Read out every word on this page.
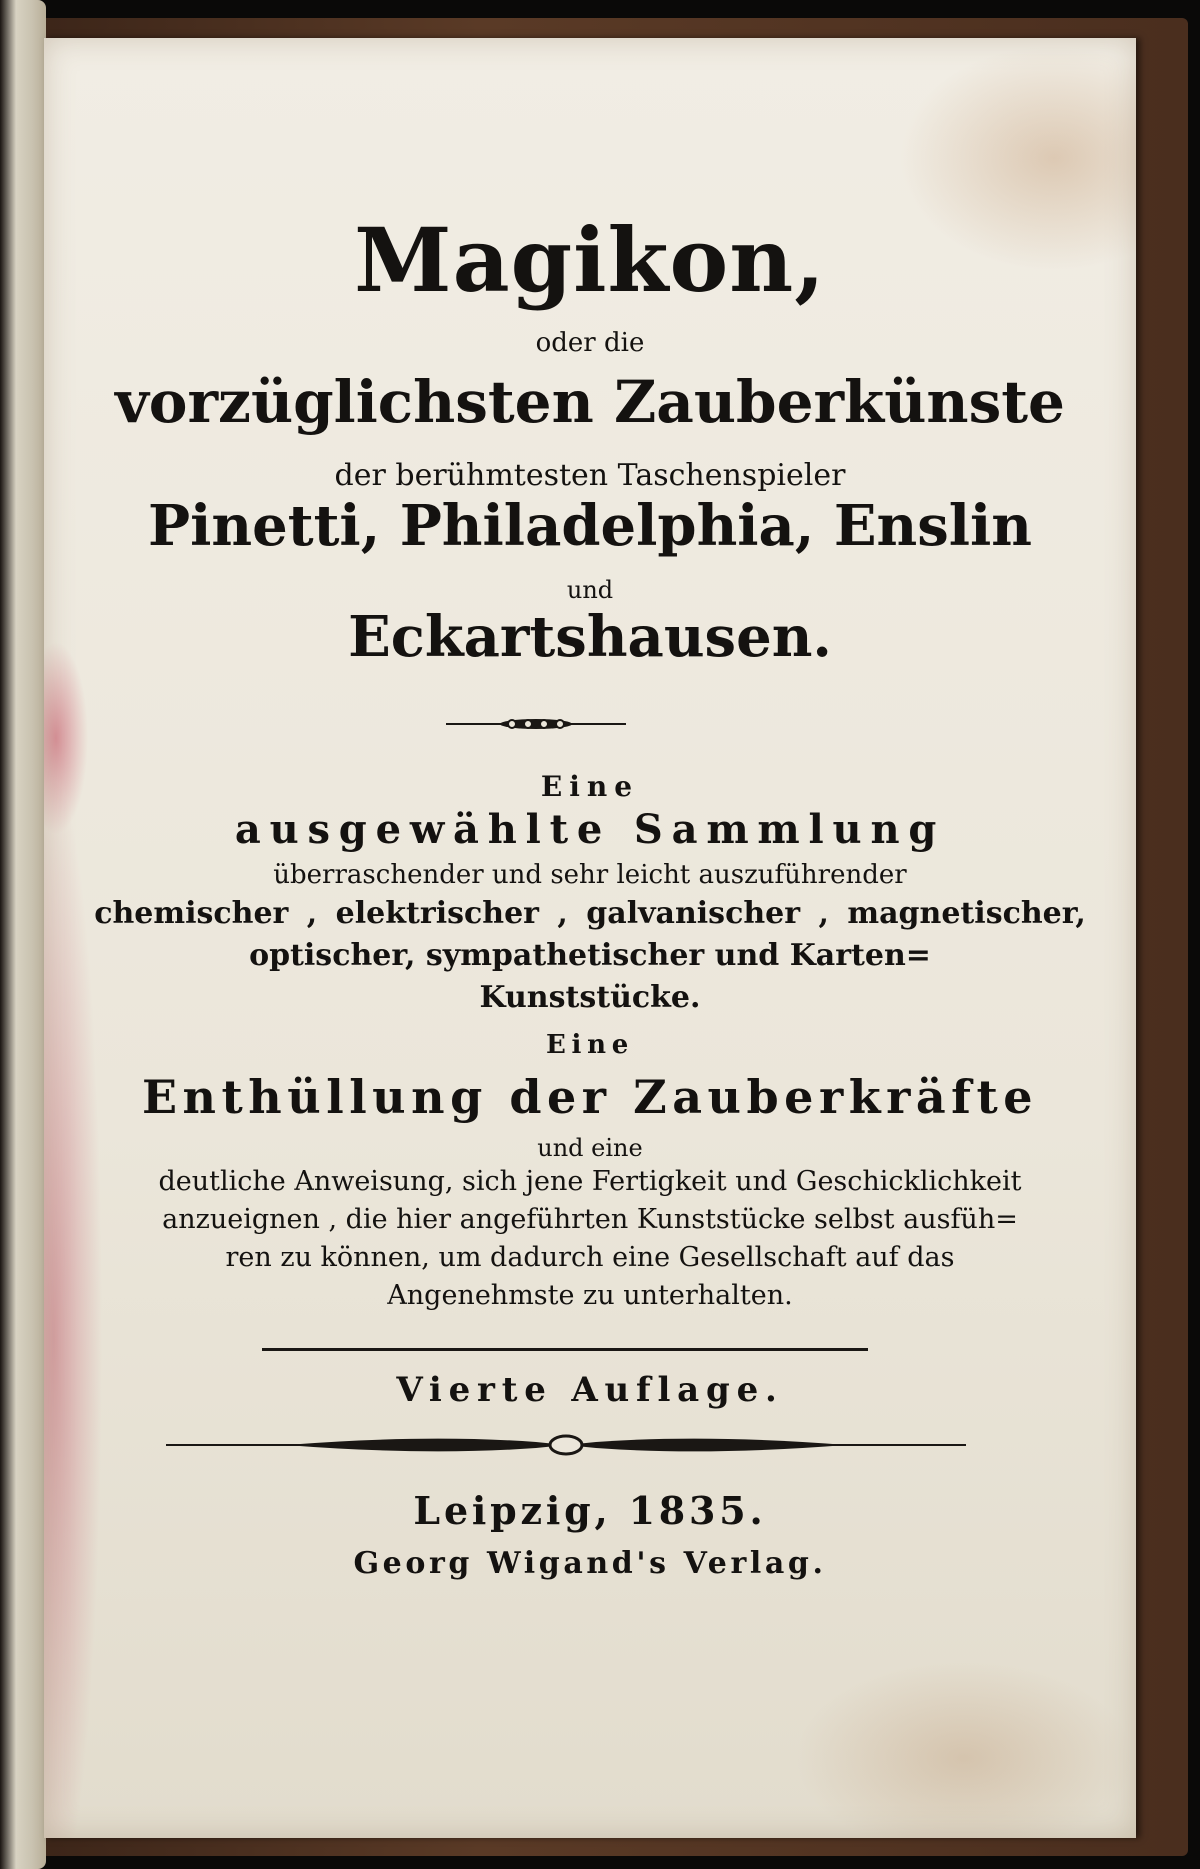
Magikon,

oder die

vorzüglichsten Zauberkünste

der berühmtesten Taschenspieler

Pinetti, Philadelphia, Enslin

und

Eckartshausen.

Eine

ausgewählte Sammlung

überraschender und sehr leicht auszuführender

chemischer , elektrischer , galvanischer , magnetischer,

optischer, sympathetischer und Karten=

Kunststücke.

Eine

Enthüllung der Zauberkräfte

und eine

deutliche Anweisung, sich jene Fertigkeit und Geschicklichkeit

anzueignen , die hier angeführten Kunststücke selbst ausfüh=

ren zu können, um dadurch eine Gesellschaft auf das

Angenehmste zu unterhalten.

Vierte Auflage.

Leipzig, 1835.

Georg Wigand's Verlag.
